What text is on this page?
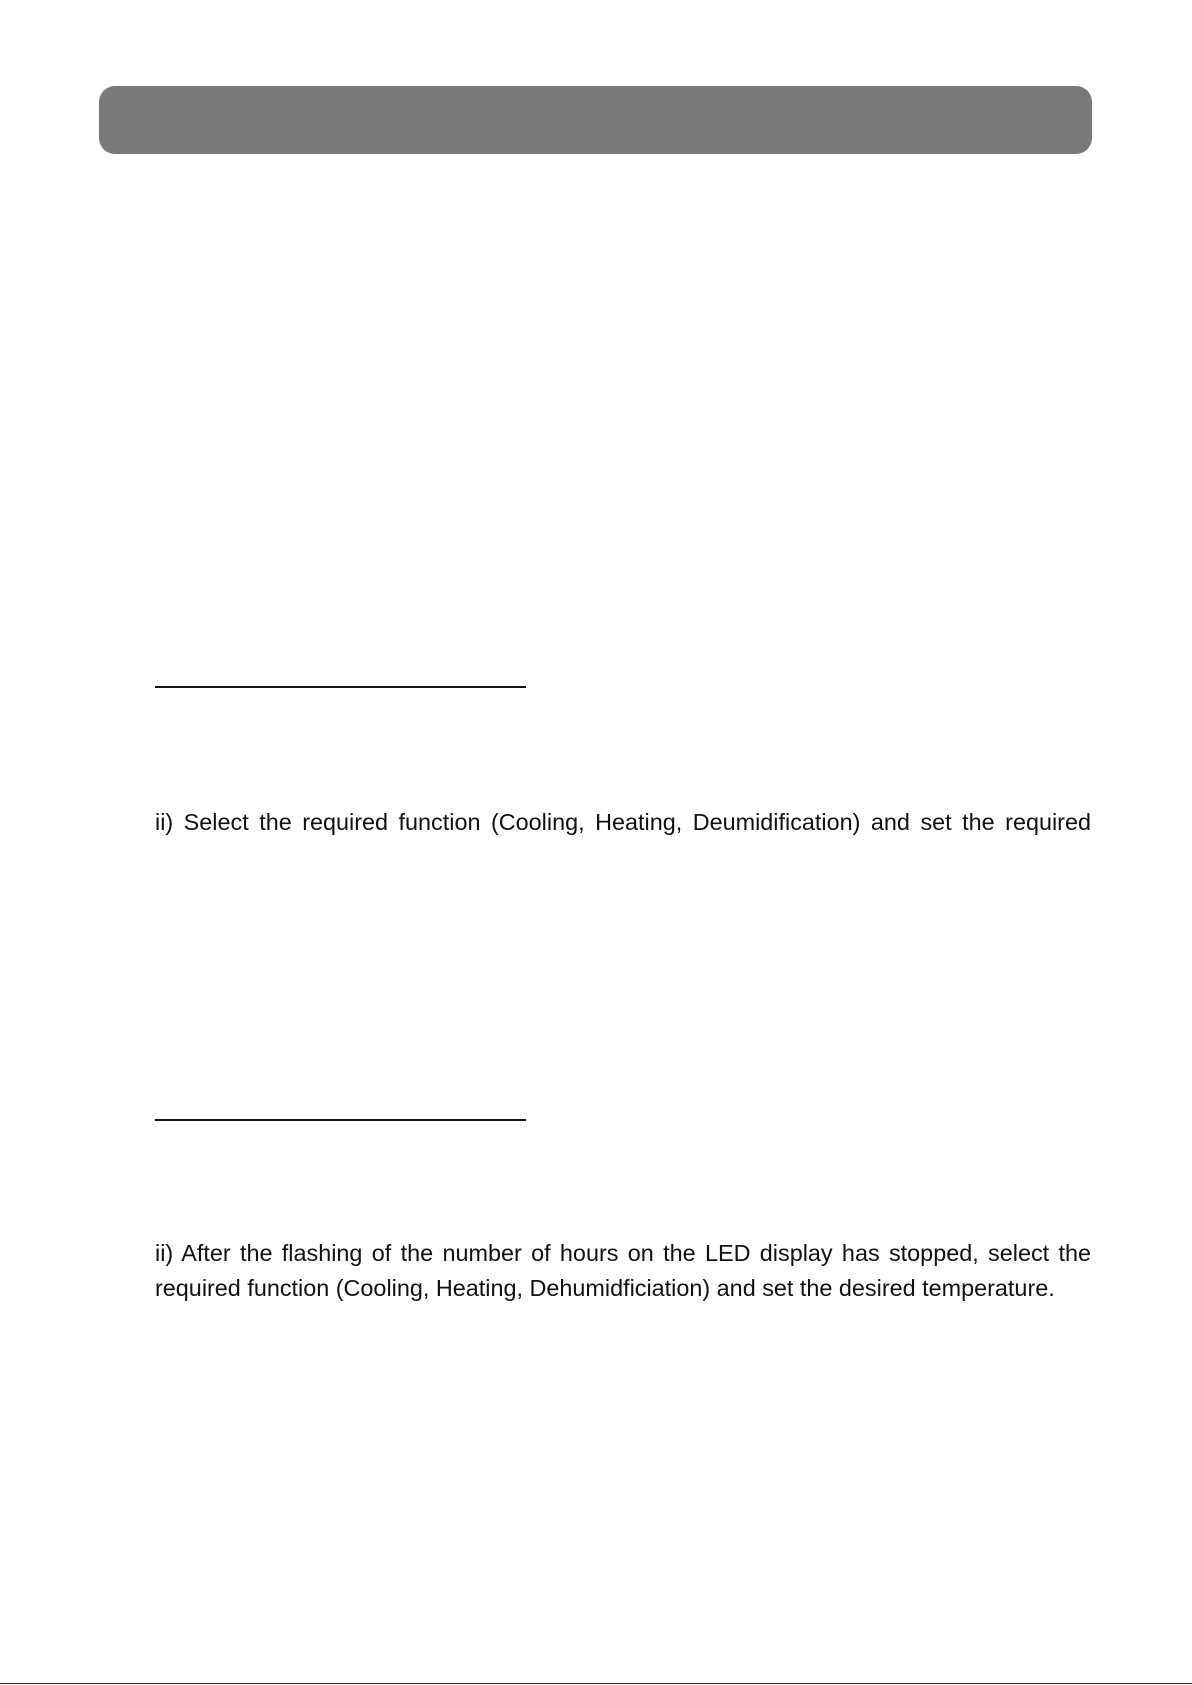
ii) Select the required function (Cooling, Heating, Deumidification) and set the required

ii) After the flashing of the number of hours on the LED display has stopped, select the required function (Cooling, Heating, Dehumidficiation) and set the desired temperature.
